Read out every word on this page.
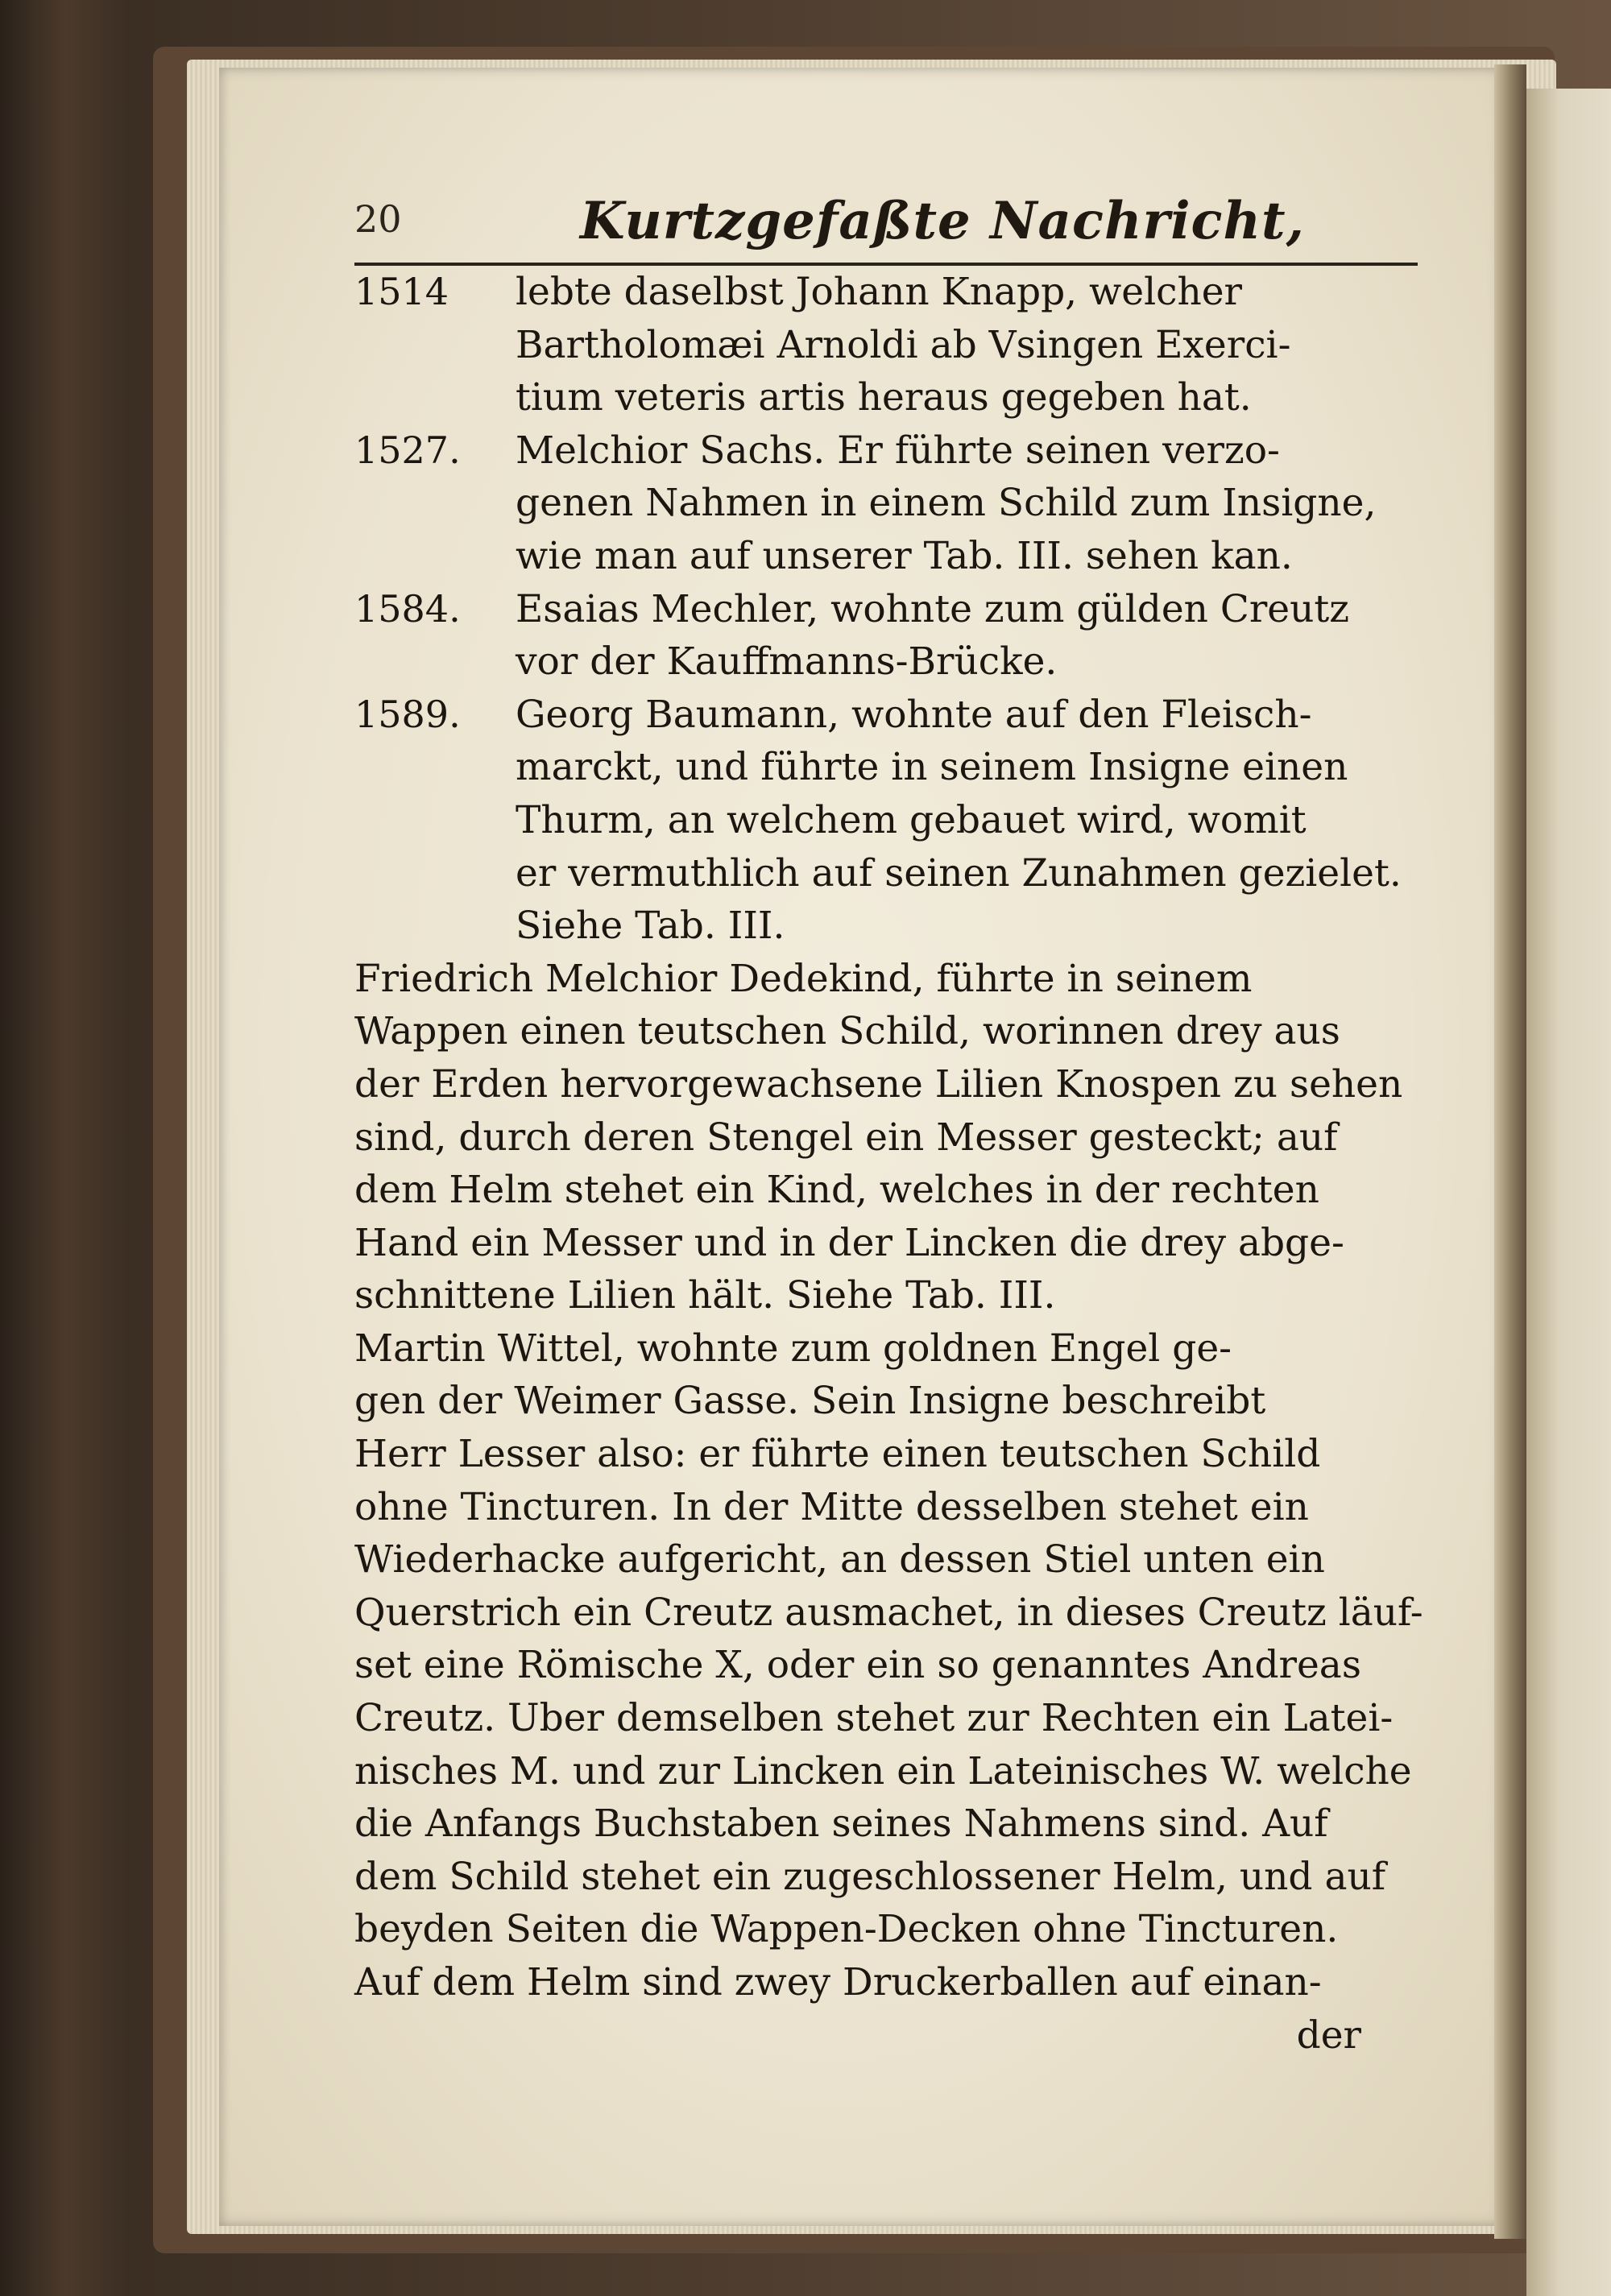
20	Kurtzgefaßte Nachricht,
1514	lebte daselbst Johann Knapp, welcher
Bartholomæi Arnoldi ab Vsingen Exerci-
tium veteris artis heraus gegeben hat.
1527.	Melchior Sachs. Er führte seinen verzo-
genen Nahmen in einem Schild zum Insigne,
wie man auf unserer Tab. III. sehen kan.
1584.	Esaias Mechler, wohnte zum gülden Creutz
vor der Kauffmanns-Brücke.
1589.	Georg Baumann, wohnte auf den Fleisch-
marckt, und führte in seinem Insigne einen
Thurm, an welchem gebauet wird, womit
er vermuthlich auf seinen Zunahmen gezielet.
Siehe Tab. III.
Friedrich Melchior Dedekind, führte in seinem
Wappen einen teutschen Schild, worinnen drey aus
der Erden hervorgewachsene Lilien Knospen zu sehen
sind, durch deren Stengel ein Messer gesteckt; auf
dem Helm stehet ein Kind, welches in der rechten
Hand ein Messer und in der Lincken die drey abge-
schnittene Lilien hält. Siehe Tab. III.
Martin Wittel, wohnte zum goldnen Engel ge-
gen der Weimer Gasse. Sein Insigne beschreibt
Herr Lesser also: er führte einen teutschen Schild
ohne Tincturen. In der Mitte desselben stehet ein
Wiederhacke aufgericht, an dessen Stiel unten ein
Querstrich ein Creutz ausmachet, in dieses Creutz läuf-
set eine Römische X, oder ein so genanntes Andreas
Creutz. Uber demselben stehet zur Rechten ein Latei-
nisches M. und zur Lincken ein Lateinisches W. welche
die Anfangs Buchstaben seines Nahmens sind. Auf
dem Schild stehet ein zugeschlossener Helm, und auf
beyden Seiten die Wappen-Decken ohne Tincturen.
Auf dem Helm sind zwey Druckerballen auf einan-
der
